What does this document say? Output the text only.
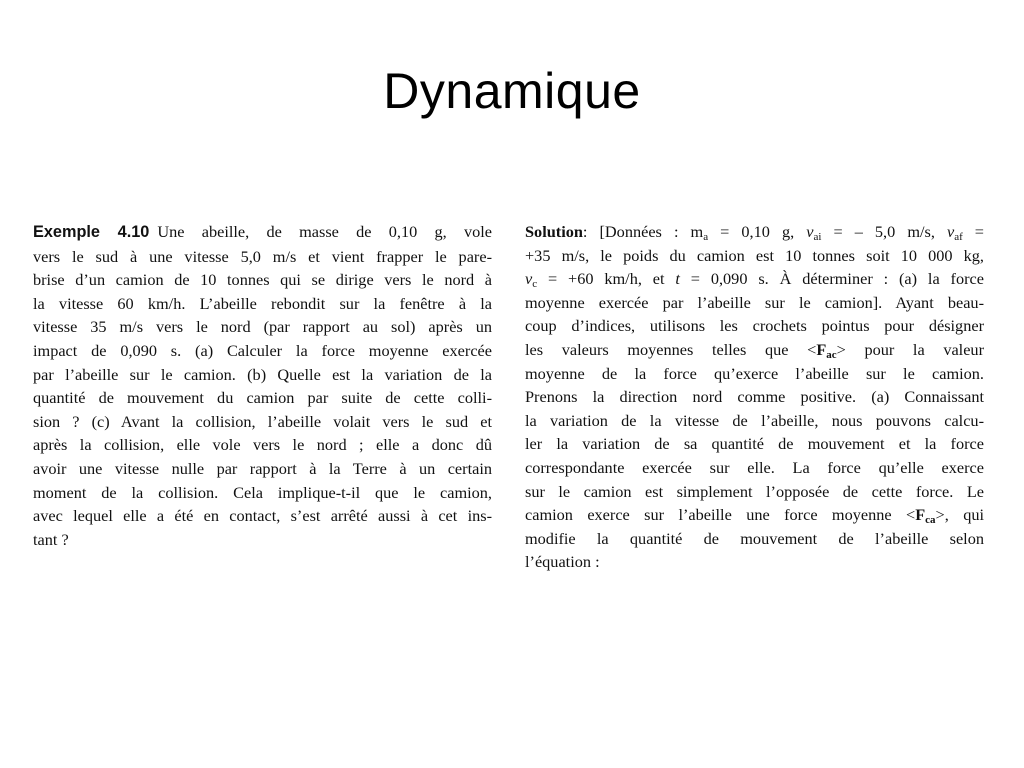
Dynamique
Exemple 4.10 Une abeille, de masse de 0,10 g, vole
vers le sud à une vitesse 5,0 m/s et vient frapper le pare-
brise d’un camion de 10 tonnes qui se dirige vers le nord à
la vitesse 60 km/h. L’abeille rebondit sur la fenêtre à la
vitesse 35 m/s vers le nord (par rapport au sol) après un
impact de 0,090 s. (a) Calculer la force moyenne exercée
par l’abeille sur le camion. (b) Quelle est la variation de la
quantité de mouvement du camion par suite de cette colli-
sion ? (c) Avant la collision, l’abeille volait vers le sud et
après la collision, elle vole vers le nord ; elle a donc dû
avoir une vitesse nulle par rapport à la Terre à un certain
moment de la collision. Cela implique-t-il que le camion,
avec lequel elle a été en contact, s’est arrêté aussi à cet ins-
tant ?
Solution: [Données : $m_a = 0,10$ g, $v_{ai}$ = – 5,0 m/s, $v_{af}$ =
+35 m/s, le poids du camion est 10 tonnes soit 10 000 kg,
$v_c = +60$ km/h, et t = 0,090 s. À déterminer : (a) la force
moyenne exercée par l’abeille sur le camion]. Ayant beau-
coup d’indices, utilisons les crochets pointus pour désigner
les valeurs moyennes telles que $<F_{ac}>$ pour la valeur
moyenne de la force qu’exerce l’abeille sur le camion.
Prenons la direction nord comme positive. (a) Connaissant
la variation de la vitesse de l’abeille, nous pouvons calcu-
ler la variation de sa quantité de mouvement et la force
correspondante exercée sur elle. La force qu’elle exerce
sur le camion est simplement l’opposée de cette force. Le
camion exerce sur l’abeille une force moyenne $<F_{ca}>$, qui
modifie la quantité de mouvement de l’abeille selon
l’équation :
